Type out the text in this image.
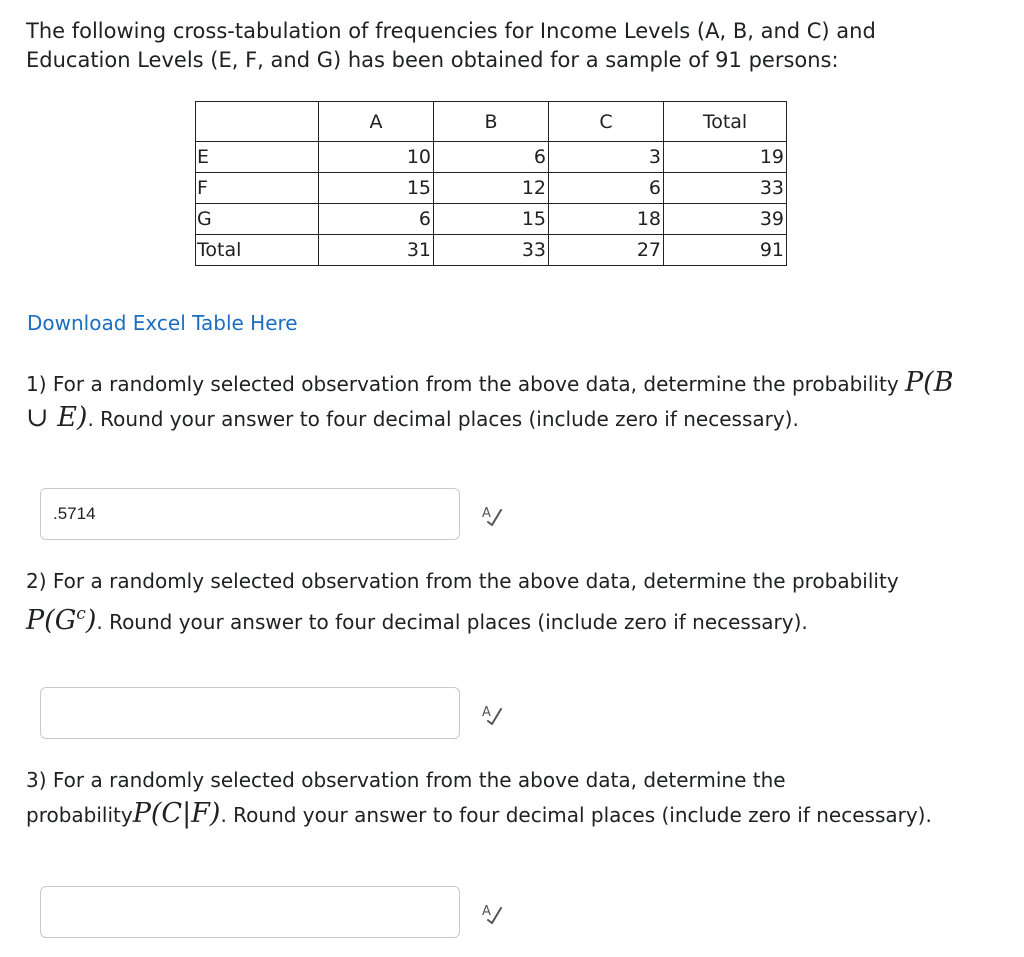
The following cross-tabulation of frequencies for Income Levels (A, B, and C) and Education Levels (E, F, and G) has been obtained for a sample of 91 persons:

	A	B	C	Total
E	10	6	3	19
F	15	12	6	33
G	6	15	18	39
Total	31	33	27	91
Download Excel Table Here

1) For a randomly selected observation from the above data, determine the probability P(B ∪ E). Round your answer to four decimal places (include zero if necessary).

.5714
A

2) For a randomly selected observation from the above data, determine the probability $P(G^c)$. Round your answer to four decimal places (include zero if necessary).

A

3) For a randomly selected observation from the above data, determine the probabilityP(C|F). Round your answer to four decimal places (include zero if necessary).

A
